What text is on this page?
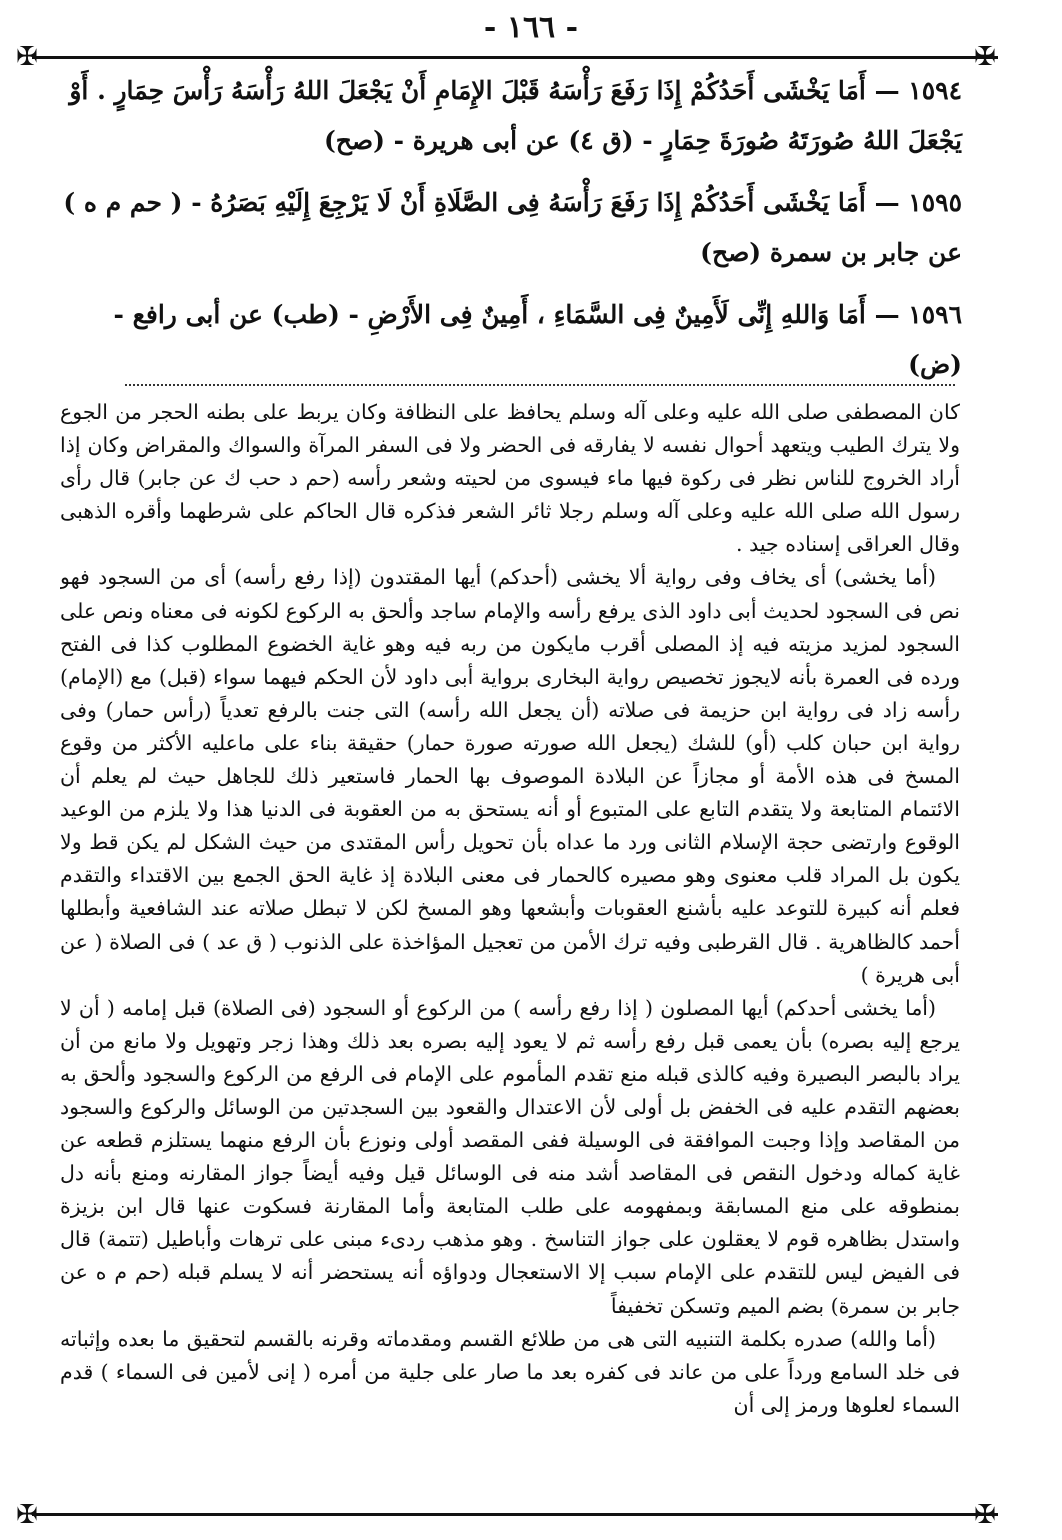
- ١٦٦ -
✠	✠

١٥٩٤ — أَمَا يَخْشَى أَحَدُكُمْ إِذَا رَفَعَ رَأْسَهُ قَبْلَ الإِمَامِ أَنْ يَجْعَلَ اللهُ رَأْسَهُ رَأْسَ حِمَارٍ . أَوْ يَجْعَلَ اللهُ صُورَتَهُ صُورَةَ حِمَارٍ - (ق ٤) عن أبى هريرة - (صح)

١٥٩٥ — أَمَا يَخْشَى أَحَدُكُمْ إِذَا رَفَعَ رَأْسَهُ فِى الصَّلَاةِ أَنْ لَا يَرْجِعَ إِلَيْهِ بَصَرُهُ - ( حم م ه ) عن جابر بن سمرة (صح)

١٥٩٦ — أَمَا وَاللهِ إِنِّى لَأَمِينٌ فِى السَّمَاءِ ، أَمِينٌ فِى الأَرْضِ - (طب) عن أبى رافع - (ض)

كان المصطفى صلى الله عليه وعلى آله وسلم يحافظ على النظافة وكان يربط على بطنه الحجر من الجوع ولا يترك الطيب ويتعهد أحوال نفسه لا يفارقه فى الحضر ولا فى السفر المرآة والسواك والمقراض وكان إذا أراد الخروج للناس نظر فى ركوة فيها ماء فيسوى من لحيته وشعر رأسه (حم د حب ك عن جابر) قال رأى رسول الله صلى الله عليه وعلى آله وسلم رجلا ثائر الشعر فذكره قال الحاكم على شرطهما وأقره الذهبى وقال العراقى إسناده جيد .

(أما يخشى) أى يخاف وفى رواية ألا يخشى (أحدكم) أيها المقتدون (إذا رفع رأسه) أى من السجود فهو نص فى السجود لحديث أبى داود الذى يرفع رأسه والإمام ساجد وألحق به الركوع لكونه فى معناه ونص على السجود لمزيد مزيته فيه إذ المصلى أقرب مايكون من ربه فيه وهو غاية الخضوع المطلوب كذا فى الفتح ورده فى العمرة بأنه لايجوز تخصيص رواية البخارى برواية أبى داود لأن الحكم فيهما سواء (قبل) مع (الإمام) رأسه زاد فى رواية ابن حزيمة فى صلاته (أن يجعل الله رأسه) التى جنت بالرفع تعدياً (رأس حمار) وفى رواية ابن حبان كلب (أو) للشك (يجعل الله صورته صورة حمار) حقيقة بناء على ماعليه الأكثر من وقوع المسخ فى هذه الأمة أو مجازاً عن البلادة الموصوف بها الحمار فاستعير ذلك للجاهل حيث لم يعلم أن الائتمام المتابعة ولا يتقدم التابع على المتبوع أو أنه يستحق به من العقوبة فى الدنيا هذا ولا يلزم من الوعيد الوقوع وارتضى حجة الإسلام الثانى ورد ما عداه بأن تحويل رأس المقتدى من حيث الشكل لم يكن قط ولا يكون بل المراد قلب معنوى وهو مصيره كالحمار فى معنى البلادة إذ غاية الحق الجمع بين الاقتداء والتقدم فعلم أنه كبيرة للتوعد عليه بأشنع العقوبات وأبشعها وهو المسخ لكن لا تبطل صلاته عند الشافعية وأبطلها أحمد كالظاهرية . قال القرطبى وفيه ترك الأمن من تعجيل المؤاخذة على الذنوب ( ق عد ) فى الصلاة ( عن أبى هريرة )

(أما يخشى أحدكم) أيها المصلون ( إذا رفع رأسه ) من الركوع أو السجود (فى الصلاة) قبل إمامه ( أن لا يرجع إليه بصره) بأن يعمى قبل رفع رأسه ثم لا يعود إليه بصره بعد ذلك وهذا زجر وتهويل ولا مانع من أن يراد بالبصر البصيرة وفيه كالذى قبله منع تقدم المأموم على الإمام فى الرفع من الركوع والسجود وألحق به بعضهم التقدم عليه فى الخفض بل أولى لأن الاعتدال والقعود بين السجدتين من الوسائل والركوع والسجود من المقاصد وإذا وجبت الموافقة فى الوسيلة ففى المقصد أولى ونوزع بأن الرفع منهما يستلزم قطعه عن غاية كماله ودخول النقص فى المقاصد أشد منه فى الوسائل قيل وفيه أيضاً جواز المقارنه ومنع بأنه دل بمنطوقه على منع المسابقة وبمفهومه على طلب المتابعة وأما المقارنة فسكوت عنها قال ابن بزيزة واستدل بظاهره قوم لا يعقلون على جواز التناسخ . وهو مذهب ردىء مبنى على ترهات وأباطيل (تتمة) قال فى الفيض ليس للتقدم على الإمام سبب إلا الاستعجال ودواؤه أنه يستحضر أنه لا يسلم قبله (حم م ه عن جابر بن سمرة) بضم الميم وتسكن تخفيفاً

(أما والله) صدره بكلمة التنبيه التى هى من طلائع القسم ومقدماته وقرنه بالقسم لتحقيق ما بعده وإثباته فى خلد السامع ورداً على من عاند فى كفره بعد ما صار على جلية من أمره ( إنى لأمين فى السماء ) قدم السماء لعلوها ورمز إلى أن

✠	✠
